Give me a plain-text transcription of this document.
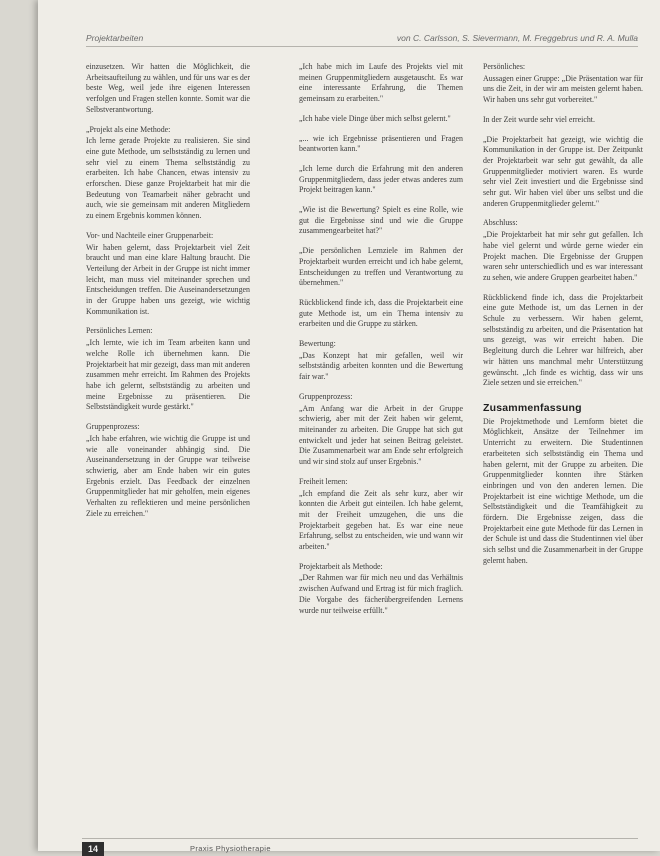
Projektarbeiten	von C. Carlsson, S. Sievermann, M. Freggebrus und R. A. Mulla

einzusetzen. Wir hatten die Möglichkeit, die Arbeitsaufteilung zu wählen, und für uns war es der beste Weg, weil jede ihre eigenen Interessen verfolgen und Fragen stellen konnte. Somit war die Selbstverantwortung.

„Projekt als eine Methode:

Ich lerne gerade Projekte zu realisieren. Sie sind eine gute Methode, um selbstständig zu lernen und sehr viel zu einem Thema selbstständig zu erarbeiten. Ich habe Chancen, etwas intensiv zu erforschen. Diese ganze Projektarbeit hat mir die Bedeutung von Teamarbeit näher gebracht und auch, wie sie gemeinsam mit anderen Mitgliedern zu einem Ergebnis kommen können.

Vor- und Nachteile einer Gruppenarbeit:

Wir haben gelernt, dass Projektarbeit viel Zeit braucht und man eine klare Haltung braucht. Die Verteilung der Arbeit in der Gruppe ist nicht immer leicht, man muss viel miteinander sprechen und Entscheidungen treffen. Die Auseinandersetzungen in der Gruppe haben uns gezeigt, wie wichtig Kommunikation ist.

Persönliches Lernen:

„Ich lernte, wie ich im Team arbeiten kann und welche Rolle ich übernehmen kann. Die Projektarbeit hat mir gezeigt, dass man mit anderen zusammen mehr erreicht. Im Rahmen des Projekts habe ich gelernt, selbstständig zu arbeiten und meine Ergebnisse zu präsentieren. Die Selbstständigkeit wurde gestärkt."

Gruppenprozess:

„Ich habe erfahren, wie wichtig die Gruppe ist und wie alle voneinander abhängig sind. Die Auseinandersetzung in der Gruppe war teilweise schwierig, aber am Ende haben wir ein gutes Ergebnis erzielt. Das Feedback der einzelnen Gruppenmitglieder hat mir geholfen, mein eigenes Verhalten zu reflektieren und meine persönlichen Ziele zu erreichen."

„Ich habe mich im Laufe des Projekts viel mit meinen Gruppenmitgliedern ausgetauscht. Es war eine interessante Erfahrung, die Themen gemeinsam zu erarbeiten."

„Ich habe viele Dinge über mich selbst gelernt."

„... wie ich Ergebnisse präsentieren und Fragen beantworten kann."

„Ich lerne durch die Erfahrung mit den anderen Gruppenmitgliedern, dass jeder etwas anderes zum Projekt beitragen kann."

„Wie ist die Bewertung? Spielt es eine Rolle, wie gut die Ergebnisse sind und wie die Gruppe zusammengearbeitet hat?"

„Die persönlichen Lernziele im Rahmen der Projektarbeit wurden erreicht und ich habe gelernt, Entscheidungen zu treffen und Verantwortung zu übernehmen."

Rückblickend finde ich, dass die Projektarbeit eine gute Methode ist, um ein Thema intensiv zu erarbeiten und die Gruppe zu stärken.

Bewertung:

„Das Konzept hat mir gefallen, weil wir selbstständig arbeiten konnten und die Bewertung fair war."

Gruppenprozess:

„Am Anfang war die Arbeit in der Gruppe schwierig, aber mit der Zeit haben wir gelernt, miteinander zu arbeiten. Die Gruppe hat sich gut entwickelt und jeder hat seinen Beitrag geleistet. Die Zusammenarbeit war am Ende sehr erfolgreich und wir sind stolz auf unser Ergebnis."

Freiheit lernen:

„Ich empfand die Zeit als sehr kurz, aber wir konnten die Arbeit gut einteilen. Ich habe gelernt, mit der Freiheit umzugehen, die uns die Projektarbeit gegeben hat. Es war eine neue Erfahrung, selbst zu entscheiden, wie und wann wir arbeiten."

Projektarbeit als Methode:

„Der Rahmen war für mich neu und das Verhältnis zwischen Aufwand und Ertrag ist für mich fraglich. Die Vorgabe des fächerübergreifenden Lernens wurde nur teilweise erfüllt."

Persönliches:

Aussagen einer Gruppe: „Die Präsentation war für uns die Zeit, in der wir am meisten gelernt haben. Wir haben uns sehr gut vorbereitet."

In der Zeit wurde sehr viel erreicht.

„Die Projektarbeit hat gezeigt, wie wichtig die Kommunikation in der Gruppe ist. Der Zeitpunkt der Projektarbeit war sehr gut gewählt, da alle Gruppenmitglieder motiviert waren. Es wurde sehr viel Zeit investiert und die Ergebnisse sind sehr gut. Wir haben viel über uns selbst und die anderen Gruppenmitglieder gelernt."

Abschluss:

„Die Projektarbeit hat mir sehr gut gefallen. Ich habe viel gelernt und würde gerne wieder ein Projekt machen. Die Ergebnisse der Gruppen waren sehr unterschiedlich und es war interessant zu sehen, wie andere Gruppen gearbeitet haben."

Rückblickend finde ich, dass die Projektarbeit eine gute Methode ist, um das Lernen in der Schule zu verbessern. Wir haben gelernt, selbstständig zu arbeiten, und die Präsentation hat uns gezeigt, was wir erreicht haben. Die Begleitung durch die Lehrer war hilfreich, aber wir hätten uns manchmal mehr Unterstützung gewünscht. „Ich finde es wichtig, dass wir uns Ziele setzen und sie erreichen."

Zusammenfassung

Die Projektmethode und Lernform bietet die Möglichkeit, Ansätze der Teilnehmer im Unterricht zu erweitern. Die Studentinnen erarbeiteten sich selbstständig ein Thema und haben gelernt, mit der Gruppe zu arbeiten. Die Gruppenmitglieder konnten ihre Stärken einbringen und von den anderen lernen. Die Projektarbeit ist eine wichtige Methode, um die Selbstständigkeit und die Teamfähigkeit zu fördern. Die Ergebnisse zeigen, dass die Projektarbeit eine gute Methode für das Lernen in der Schule ist und dass die Studentinnen viel über sich selbst und die Zusammenarbeit in der Gruppe gelernt haben.

14	Praxis Physiotherapie
